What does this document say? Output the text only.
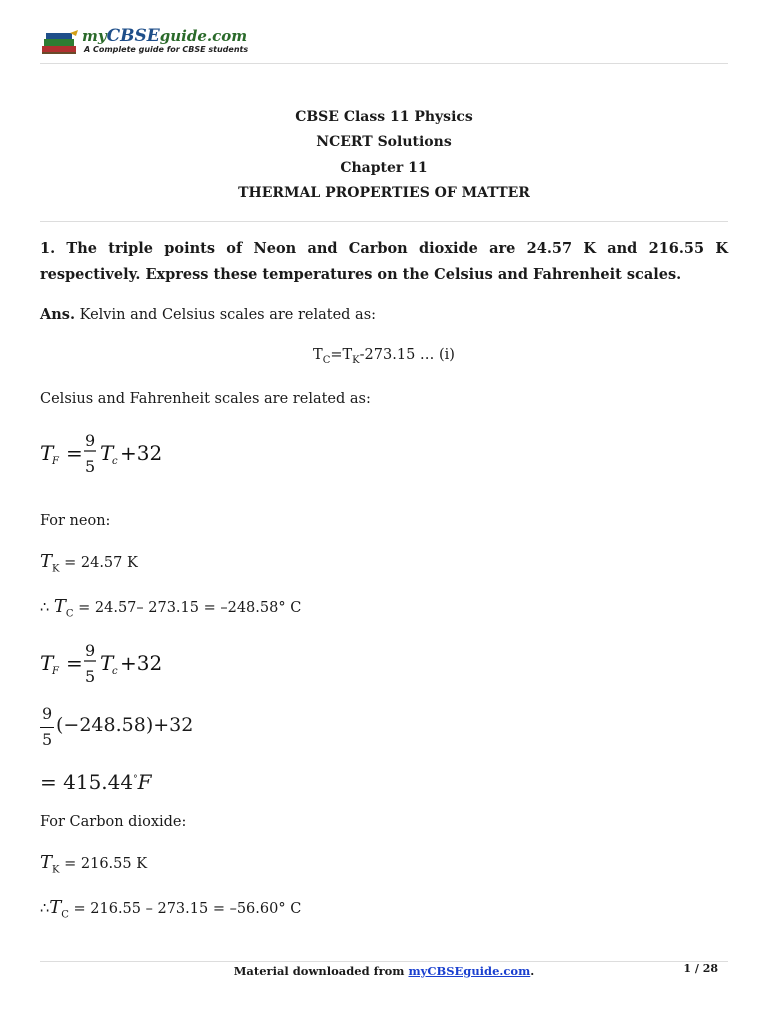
myCBSEguide.com
A Complete guide for CBSE students
CBSE Class 11 Physics
NCERT Solutions
Chapter 11
THERMAL PROPERTIES OF MATTER
1. The triple points of Neon and Carbon dioxide are 24.57 K and 216.55 K respectively. Express these temperatures on the Celsius and Fahrenheit scales.
Ans. Kelvin and Celsius scales are related as:
$T_C=T_K-273.15$ … (i)
Celsius and Fahrenheit scales are related as:
T
F =
9
5
T
c +32
For neon:
$T_K = 24.57$ K
∴ $T_C = 24.57-$ 273.15 = –248.58° C
T
F =
9
5
T
c +32
9
5
(−248.58)+32
= 415.44°F
For Carbon dioxide:
$T_K = 216.55$ K
$\therefore T_C = 216.55 - 273.15 = -56.60^\circ$ C
Material downloaded from myCBSEguide.com.	1 / 28
